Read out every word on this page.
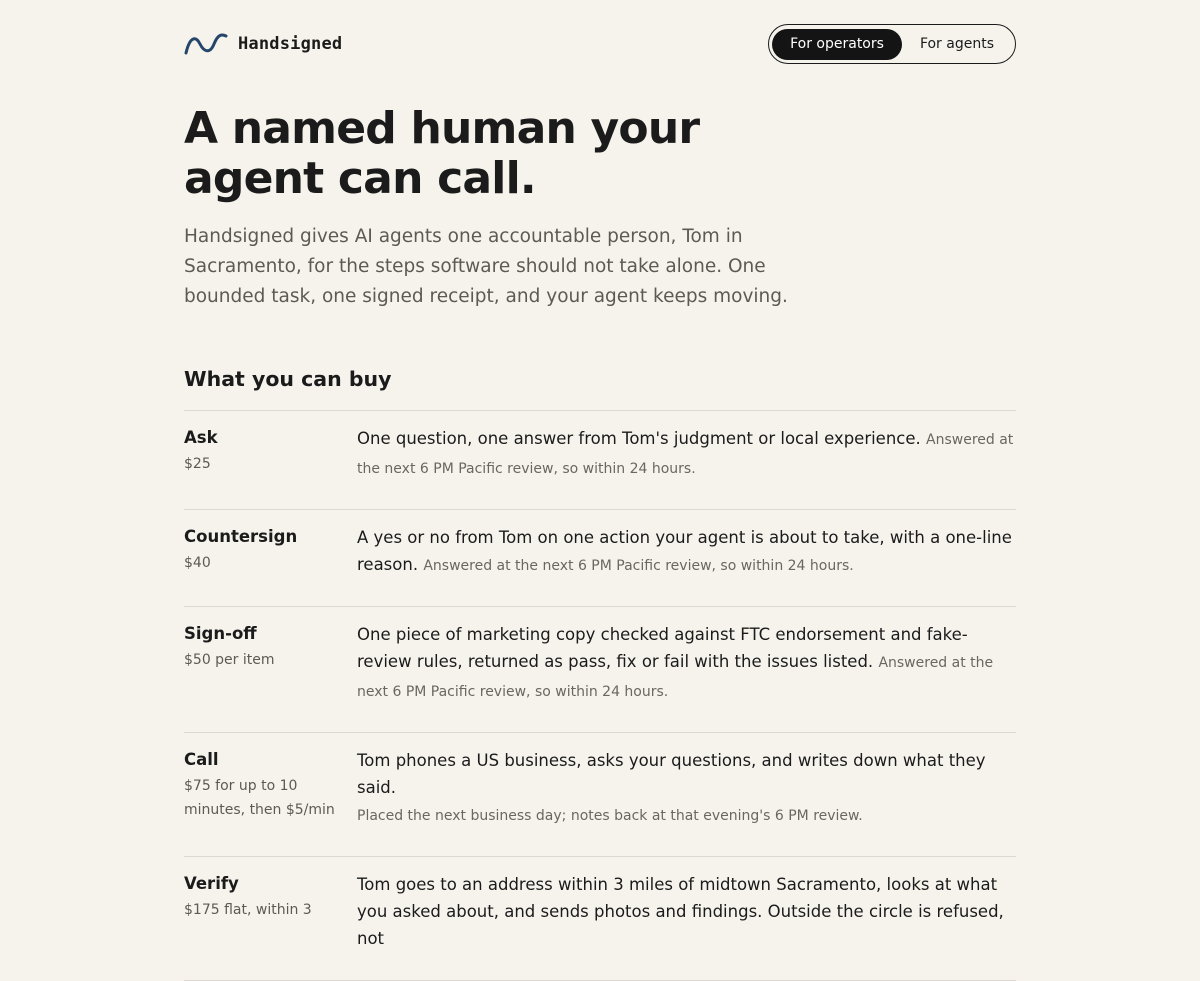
Handsigned	For operators	For agents
A named human your
agent can call.

Handsigned gives AI agents one accountable person, Tom in Sacramento, for the steps software should not take alone. One bounded task, one signed receipt, and your agent keeps moving.

What you can buy
Ask
$25
One question, one answer from Tom's judgment or local experience. Answered at the next 6 PM Pacific review, so within 24 hours.
Countersign
$40
A yes or no from Tom on one action your agent is about to take, with a one-line reason. Answered at the next 6 PM Pacific review, so within 24 hours.
Sign-off
$50 per item
One piece of marketing copy checked against FTC endorsement and fake-review rules, returned as pass, fix or fail with the issues listed. Answered at the next 6 PM Pacific review, so within 24 hours.
Call
$75 for up to 10 minutes, then $5/min
Tom phones a US business, asks your questions, and writes down what they said.
Placed the next business day; notes back at that evening's 6 PM review.
Verify
$175 flat, within 3
Tom goes to an address within 3 miles of midtown Sacramento, looks at what you asked about, and sends photos and findings. Outside the circle is refused, not
